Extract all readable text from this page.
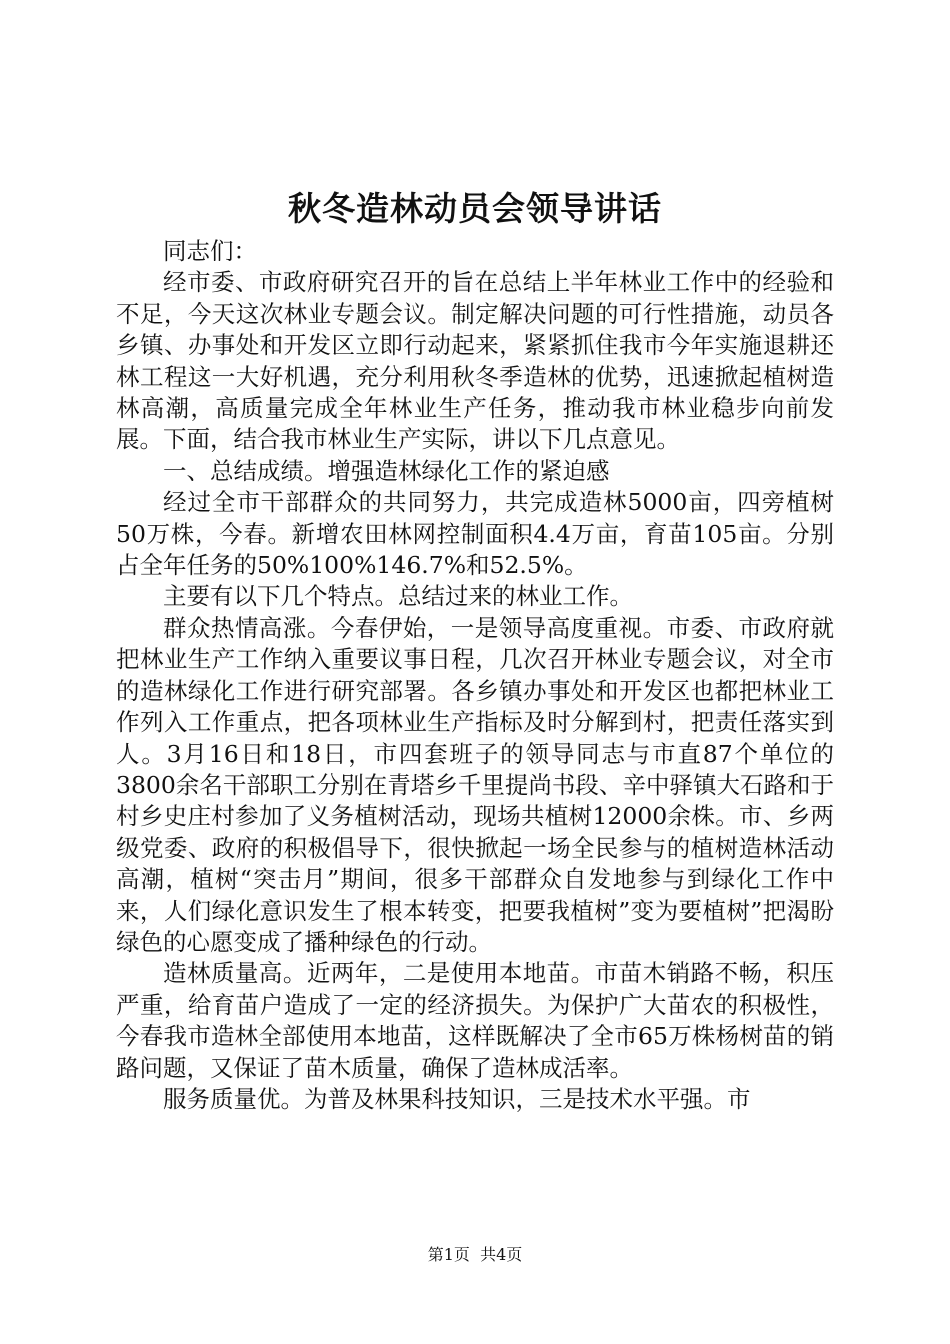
秋冬造林动员会领导讲话

同志们：

经市委、市政府研究召开的旨在总结上半年林业工作中的经验和不足，今天这次林业专题会议。制定解决问题的可行性措施，动员各乡镇、办事处和开发区立即行动起来，紧紧抓住我市今年实施退耕还林工程这一大好机遇，充分利用秋冬季造林的优势，迅速掀起植树造林高潮，高质量完成全年林业生产任务，推动我市林业稳步向前发展。下面，结合我市林业生产实际，讲以下几点意见。

一、总结成绩。增强造林绿化工作的紧迫感

经过全市干部群众的共同努力，共完成造林5000亩，四旁植树50万株，今春。新增农田林网控制面积4.4万亩，育苗105亩。分别占全年任务的50%100%146.7%和52.5%。

主要有以下几个特点。总结过来的林业工作。

群众热情高涨。今春伊始，一是领导高度重视。市委、市政府就把林业生产工作纳入重要议事日程，几次召开林业专题会议，对全市的造林绿化工作进行研究部署。各乡镇办事处和开发区也都把林业工作列入工作重点，把各项林业生产指标及时分解到村，把责任落实到人。3月16日和18日，市四套班子的领导同志与市直87个单位的3800余名干部职工分别在青塔乡千里提尚书段、辛中驿镇大石路和于村乡史庄村参加了义务植树活动，现场共植树12000余株。市、乡两级党委、政府的积极倡导下，很快掀起一场全民参与的植树造林活动高潮，植树“突击月”期间，很多干部群众自发地参与到绿化工作中来，人们绿化意识发生了根本转变，把要我植树”变为要植树”把渴盼绿色的心愿变成了播种绿色的行动。

造林质量高。近两年，二是使用本地苗。市苗木销路不畅，积压严重，给育苗户造成了一定的经济损失。为保护广大苗农的积极性，今春我市造林全部使用本地苗，这样既解决了全市65万株杨树苗的销路问题，又保证了苗木质量，确保了造林成活率。

服务质量优。为普及林果科技知识，三是技术水平强。市

第1页 共4页
